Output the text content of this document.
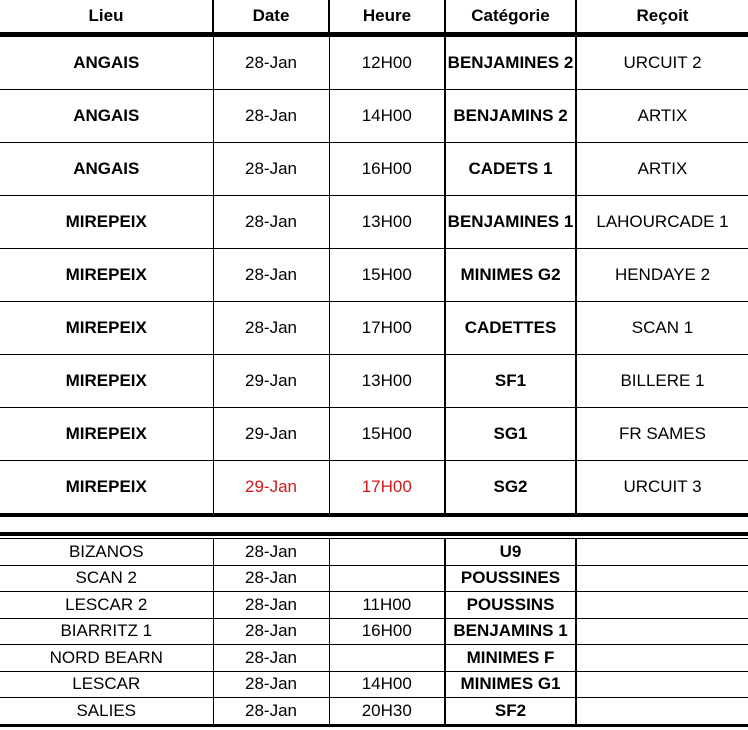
Lieu	Date	Heure	Catégorie	Reçoit
ANGAIS	28-Jan	12H00	BENJAMINES 2	URCUIT 2
ANGAIS	28-Jan	14H00	BENJAMINS 2	ARTIX
ANGAIS	28-Jan	16H00	CADETS 1	ARTIX
MIREPEIX	28-Jan	13H00	BENJAMINES 1	LAHOURCADE 1
MIREPEIX	28-Jan	15H00	MINIMES G2	HENDAYE 2
MIREPEIX	28-Jan	17H00	CADETTES	SCAN 1
MIREPEIX	29-Jan	13H00	SF1	BILLERE 1
MIREPEIX	29-Jan	15H00	SG1	FR SAMES
MIREPEIX	29-Jan	17H00	SG2	URCUIT 3
BIZANOS	28-Jan		U9	
SCAN 2	28-Jan		POUSSINES	
LESCAR 2	28-Jan	11H00	POUSSINS	
BIARRITZ 1	28-Jan	16H00	BENJAMINS 1	
NORD BEARN	28-Jan		MINIMES F	
LESCAR	28-Jan	14H00	MINIMES G1	
SALIES	28-Jan	20H30	SF2	
